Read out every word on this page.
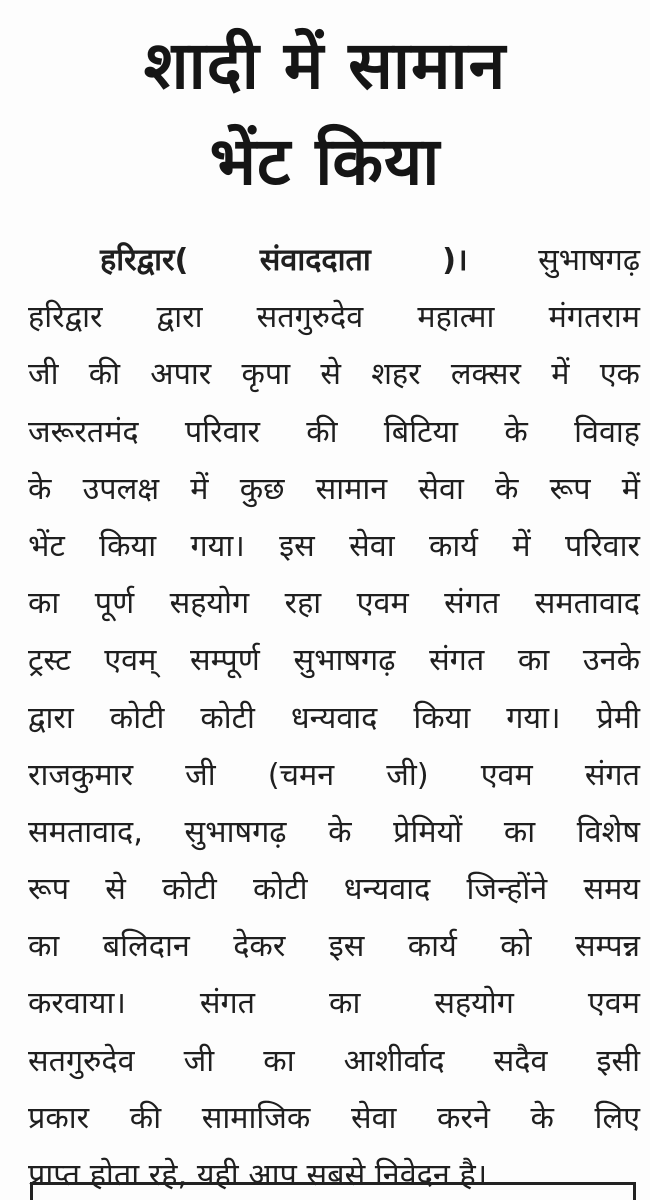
शादी में सामान
भेंट किया
हरिद्वार( संवाददाता )। सुभाषगढ़
हरिद्वार द्वारा सतगुरुदेव महात्मा मंगतराम
जी की अपार कृपा से शहर लक्सर में एक
जरूरतमंद परिवार की बिटिया के विवाह
के उपलक्ष में कुछ सामान सेवा के रूप में
भेंट किया गया। इस सेवा कार्य में परिवार
का पूर्ण सहयोग रहा एवम संगत समतावाद
ट्रस्ट एवम् सम्पूर्ण सुभाषगढ़ संगत का उनके
द्वारा कोटी कोटी धन्यवाद किया गया। प्रेमी
राजकुमार जी (चमन जी) एवम संगत
समतावाद, सुभाषगढ़ के प्रेमियों का विशेष
रूप से कोटी कोटी धन्यवाद जिन्होंने समय
का बलिदान देकर इस कार्य को सम्पन्न
करवाया। संगत का सहयोग एवम
सतगुरुदेव जी का आशीर्वाद सदैव इसी
प्रकार की सामाजिक सेवा करने के लिए
प्राप्त होता रहे, यही आप सबसे निवेदन है।
